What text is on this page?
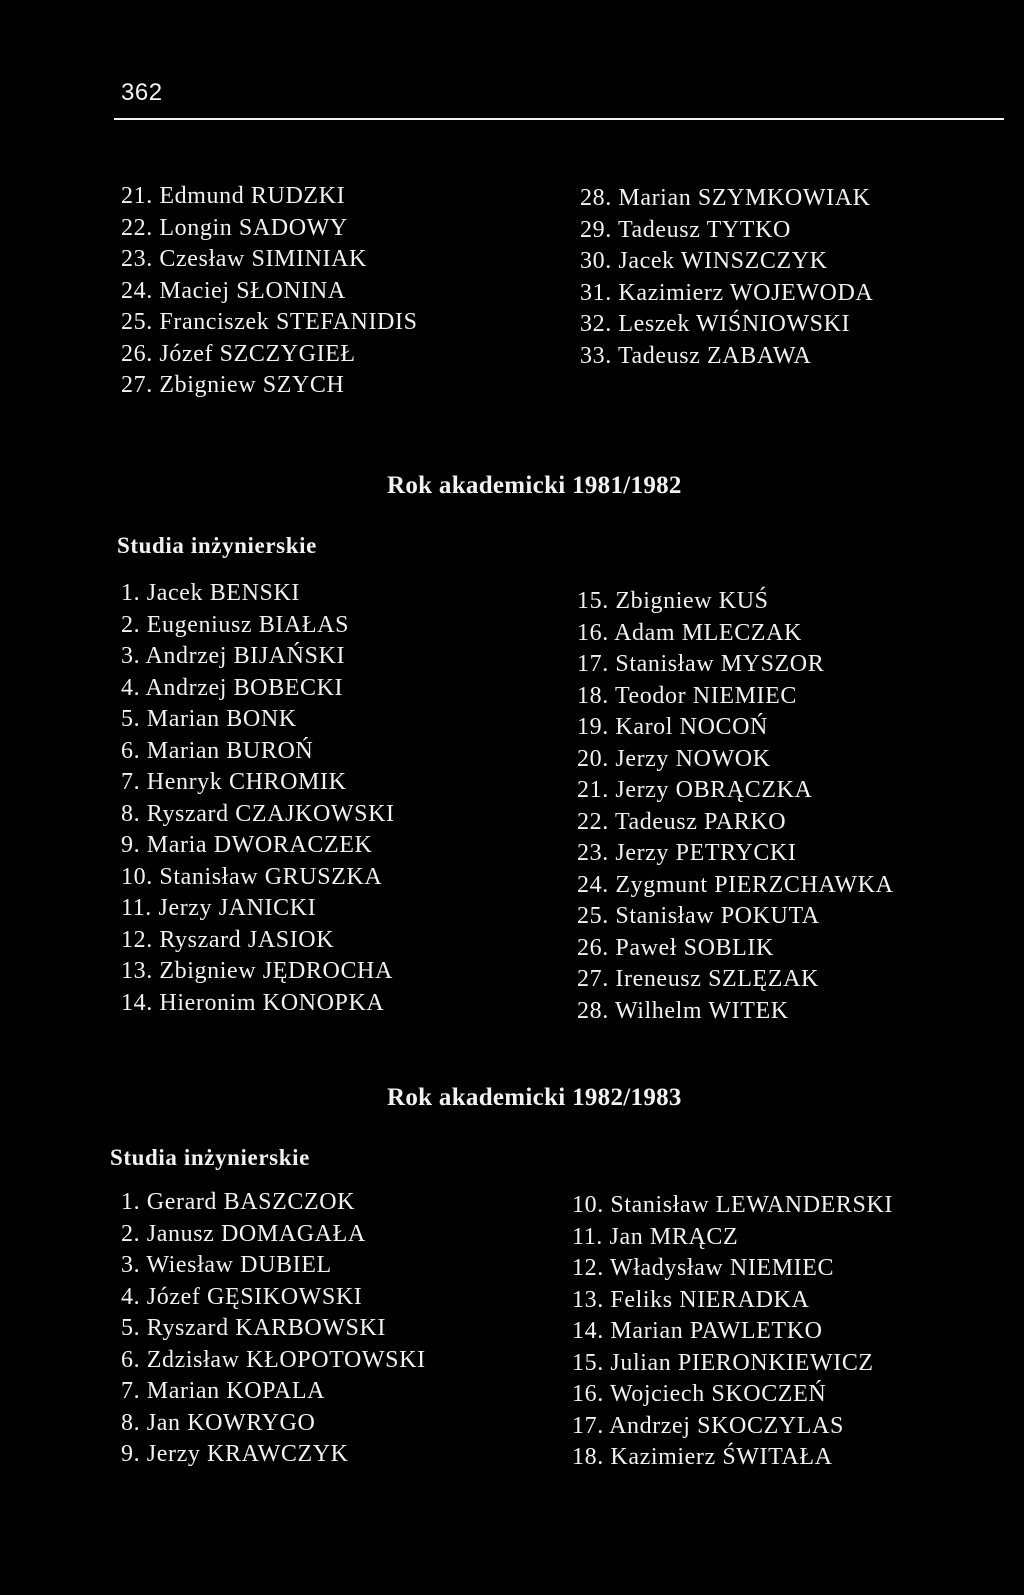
362
21. Edmund RUDZKI
22. Longin SADOWY
23. Czesław SIMINIAK
24. Maciej SŁONINA
25. Franciszek STEFANIDIS
26. Józef SZCZYGIEŁ
27. Zbigniew SZYCH
28. Marian SZYMKOWIAK
29. Tadeusz TYTKO
30. Jacek WINSZCZYK
31. Kazimierz WOJEWODA
32. Leszek WIŚNIOWSKI
33. Tadeusz ZABAWA
Rok akademicki 1981/1982
Studia inżynierskie
1. Jacek BENSKI
2. Eugeniusz BIAŁAS
3. Andrzej BIJAŃSKI
4. Andrzej BOBECKI
5. Marian BONK
6. Marian BUROŃ
7. Henryk CHROMIK
8. Ryszard CZAJKOWSKI
9. Maria DWORACZEK
10. Stanisław GRUSZKA
11. Jerzy JANICKI
12. Ryszard JASIOK
13. Zbigniew JĘDROCHA
14. Hieronim KONOPKA
15. Zbigniew KUŚ
16. Adam MLECZAK
17. Stanisław MYSZOR
18. Teodor NIEMIEC
19. Karol NOCOŃ
20. Jerzy NOWOK
21. Jerzy OBRĄCZKA
22. Tadeusz PARKO
23. Jerzy PETRYCKI
24. Zygmunt PIERZCHAWKA
25. Stanisław POKUTA
26. Paweł SOBLIK
27. Ireneusz SZLĘZAK
28. Wilhelm WITEK
Rok akademicki 1982/1983
Studia inżynierskie
1. Gerard BASZCZOK
2. Janusz DOMAGAŁA
3. Wiesław DUBIEL
4. Józef GĘSIKOWSKI
5. Ryszard KARBOWSKI
6. Zdzisław KŁOPOTOWSKI
7. Marian KOPALA
8. Jan KOWRYGO
9. Jerzy KRAWCZYK
10. Stanisław LEWANDERSKI
11. Jan MRĄCZ
12. Władysław NIEMIEC
13. Feliks NIERADKA
14. Marian PAWLETKO
15. Julian PIERONKIEWICZ
16. Wojciech SKOCZEŃ
17. Andrzej SKOCZYLAS
18. Kazimierz ŚWITAŁA
